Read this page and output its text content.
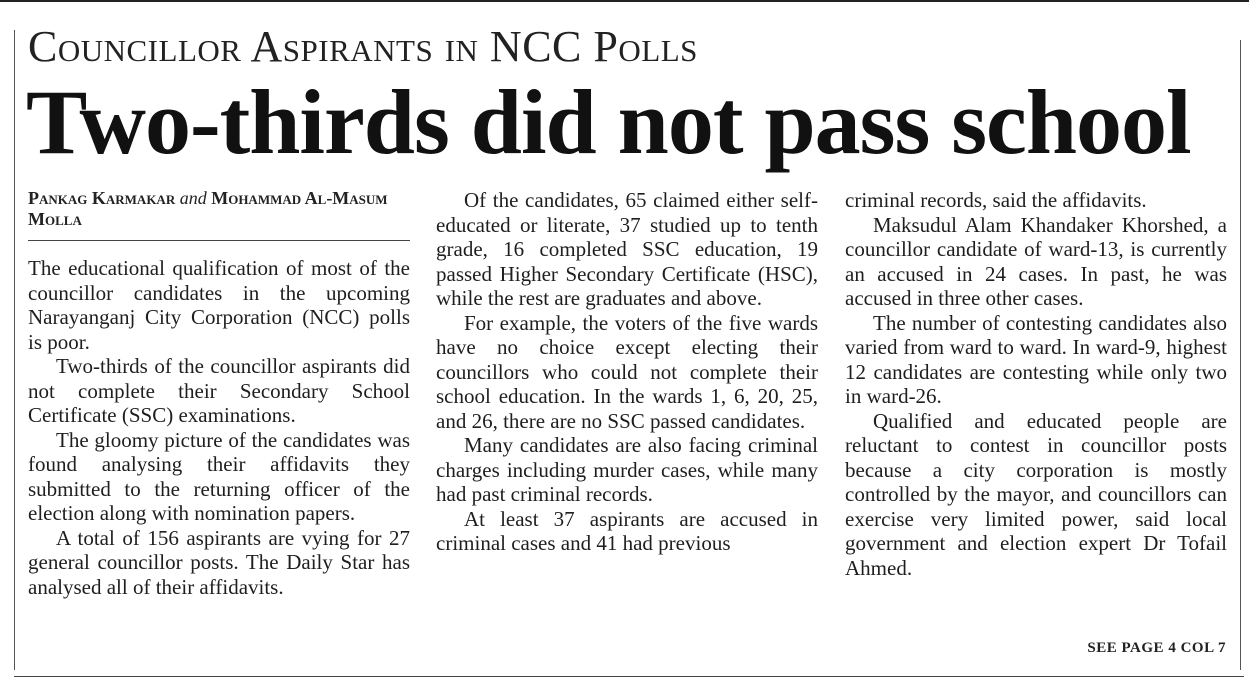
Councillor Aspirants in NCC Polls
Two-thirds did not pass school
Pankag Karmakar and Mohammad Al-Masum Molla

The educational qualification of most of the councillor candidates in the upcoming Narayanganj City Corporation (NCC) polls is poor.

Two-thirds of the councillor aspirants did not complete their Secondary School Certificate (SSC) examinations.

The gloomy picture of the candidates was found analysing their affidavits they submitted to the returning officer of the election along with nomination papers.

A total of 156 aspirants are vying for 27 general councillor posts. The Daily Star has analysed all of their affidavits.

Of the candidates, 65 claimed either self-educated or literate, 37 studied up to tenth grade, 16 completed SSC education, 19 passed Higher Secondary Certificate (HSC), while the rest are graduates and above.

For example, the voters of the five wards have no choice except electing their councillors who could not complete their school education. In the wards 1, 6, 20, 25, and 26, there are no SSC passed candidates.

Many candidates are also facing criminal charges including murder cases, while many had past criminal records.

At least 37 aspirants are accused in criminal cases and 41 had previous

criminal records, said the affidavits.

Maksudul Alam Khandaker Khorshed, a councillor candidate of ward-13, is currently an accused in 24 cases. In past, he was accused in three other cases.

The number of contesting candidates also varied from ward to ward. In ward-9, highest 12 candidates are contesting while only two in ward-26.

Qualified and educated people are reluctant to contest in councillor posts because a city corporation is mostly controlled by the mayor, and councillors can exercise very limited power, said local government and election expert Dr Tofail Ahmed.

SEE PAGE 4 COL 7
